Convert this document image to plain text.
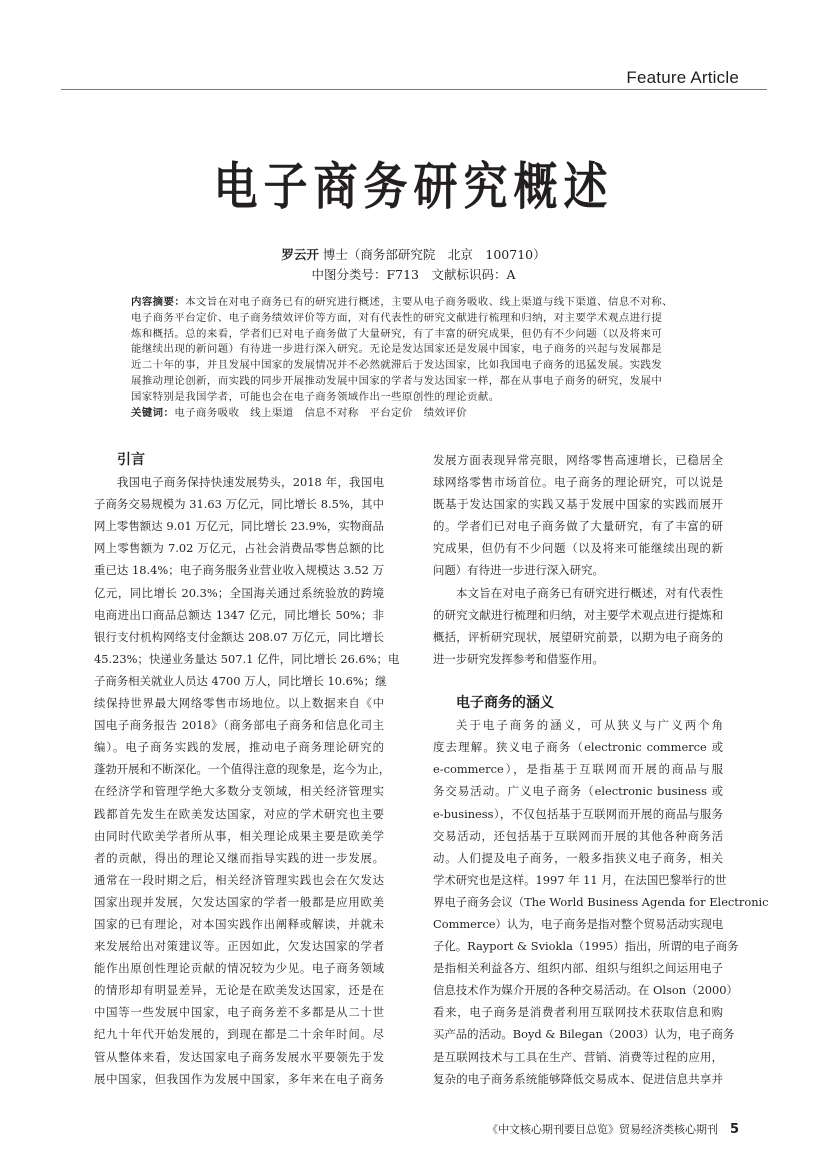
Feature Article
电子商务研究概述
罗云开 博士（商务部研究院　北京　100710）
中图分类号：F713　文献标识码：A
内容摘要：本文旨在对电子商务已有的研究进行概述，主要从电子商务吸收、线上渠道与线下渠道、信息不对称、
电子商务平台定价、电子商务绩效评价等方面，对有代表性的研究文献进行梳理和归纳，对主要学术观点进行提
炼和概括。总的来看，学者们已对电子商务做了大量研究，有了丰富的研究成果，但仍有不少问题（以及将来可
能继续出现的新问题）有待进一步进行深入研究。无论是发达国家还是发展中国家，电子商务的兴起与发展都是
近二十年的事，并且发展中国家的发展情况并不必然就滞后于发达国家，比如我国电子商务的迅猛发展。实践发
展推动理论创新，而实践的同步开展推动发展中国家的学者与发达国家一样，都在从事电子商务的研究，发展中
国家特别是我国学者，可能也会在电子商务领域作出一些原创性的理论贡献。
关键词：电子商务吸收　线上渠道　信息不对称　平台定价　绩效评价
引言
我国电子商务保持快速发展势头，2018 年，我国电
子商务交易规模为 31.63 万亿元，同比增长 8.5%，其中
网上零售额达 9.01 万亿元，同比增长 23.9%，实物商品
网上零售额为 7.02 万亿元，占社会消费品零售总额的比
重已达 18.4%；电子商务服务业营业收入规模达 3.52 万
亿元，同比增长 20.3%；全国海关通过系统验放的跨境
电商进出口商品总额达 1347 亿元，同比增长 50%；非
银行支付机构网络支付金额达 208.07 万亿元，同比增长
45.23%；快递业务量达 507.1 亿件，同比增长 26.6%；电
子商务相关就业人员达 4700 万人，同比增长 10.6%；继
续保持世界最大网络零售市场地位。以上数据来自《中
国电子商务报告 2018》（商务部电子商务和信息化司主
编）。电子商务实践的发展，推动电子商务理论研究的
蓬勃开展和不断深化。一个值得注意的现象是，迄今为止，
在经济学和管理学绝大多数分支领域，相关经济管理实
践都首先发生在欧美发达国家，对应的学术研究也主要
由同时代欧美学者所从事，相关理论成果主要是欧美学
者的贡献，得出的理论又继而指导实践的进一步发展。
通常在一段时期之后，相关经济管理实践也会在欠发达
国家出现并发展，欠发达国家的学者一般都是应用欧美
国家的已有理论，对本国实践作出阐释或解读，并就未
来发展给出对策建议等。正因如此，欠发达国家的学者
能作出原创性理论贡献的情况较为少见。电子商务领域
的情形却有明显差异，无论是在欧美发达国家，还是在
中国等一些发展中国家，电子商务差不多都是从二十世
纪九十年代开始发展的，到现在都是二十余年时间。尽
管从整体来看，发达国家电子商务发展水平要领先于发
展中国家，但我国作为发展中国家，多年来在电子商务
发展方面表现异常亮眼，网络零售高速增长，已稳居全
球网络零售市场首位。电子商务的理论研究，可以说是
既基于发达国家的实践又基于发展中国家的实践而展开
的。学者们已对电子商务做了大量研究，有了丰富的研
究成果，但仍有不少问题（以及将来可能继续出现的新
问题）有待进一步进行深入研究。
本文旨在对电子商务已有研究进行概述，对有代表性
的研究文献进行梳理和归纳，对主要学术观点进行提炼和
概括，评析研究现状，展望研究前景，以期为电子商务的
进一步研究发挥参考和借鉴作用。
电子商务的涵义
关于电子商务的涵义，可从狭义与广义两个角
度去理解。狭义电子商务（electronic commerce 或
e-commerce），是指基于互联网而开展的商品与服
务交易活动。广义电子商务（electronic business 或
e-business），不仅包括基于互联网而开展的商品与服务
交易活动，还包括基于互联网而开展的其他各种商务活
动。人们提及电子商务，一般多指狭义电子商务，相关
学术研究也是这样。1997 年 11 月，在法国巴黎举行的世
界电子商务会议（The World Business Agenda for Electronic
Commerce）认为，电子商务是指对整个贸易活动实现电
子化。Rayport & Sviokla（1995）指出，所谓的电子商务
是指相关利益各方、组织内部、组织与组织之间运用电子
信息技术作为媒介开展的各种交易活动。在 Olson（2000）
看来，电子商务是消费者利用互联网技术获取信息和购
买产品的活动。Boyd & Bilegan（2003）认为，电子商务
是互联网技术与工具在生产、营销、消费等过程的应用，
复杂的电子商务系统能够降低交易成本、促进信息共享并
《中文核心期刊要目总览》贸易经济类核心期刊 5
